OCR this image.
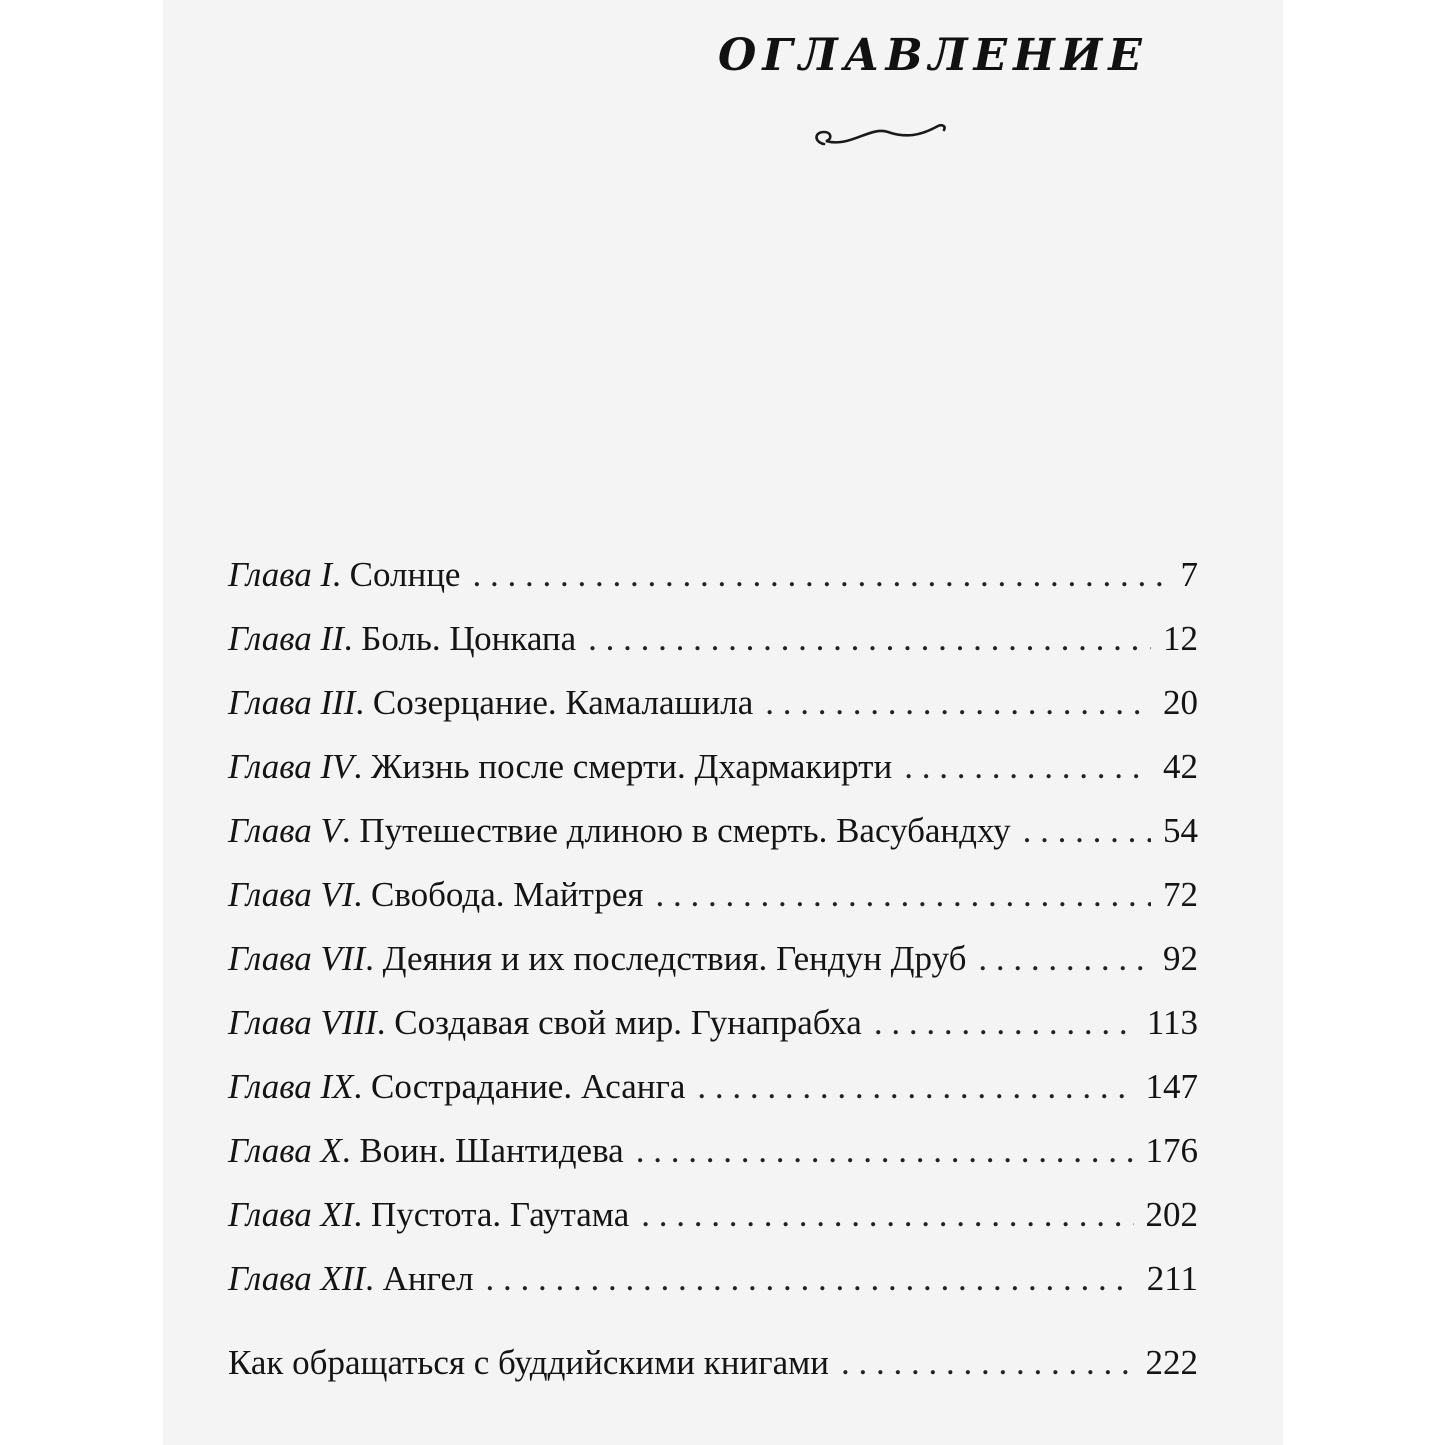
ОГЛАВЛЕНИЕ
Глава I. Солнце . . .	7
Глава II. Боль. Цонкапа . . .	12
Глава III. Созерцание. Камалашила . . .	20
Глава IV. Жизнь после смерти. Дхармакирти . . .	42
Глава V. Путешествие длиною в смерть. Васубандху . . .	54
Глава VI. Свобода. Майтрея . . .	72
Глава VII. Деяния и их последствия. Гендун Друб . . .	92
Глава VIII. Создавая свой мир. Гунапрабха . . .	113
Глава IX. Сострадание. Асанга . . .	147
Глава X. Воин. Шантидева . . .	176
Глава XI. Пустота. Гаутама . . .	202
Глава XII. Ангел . . .	211
Как обращаться с буддийскими книгами . . .	222
